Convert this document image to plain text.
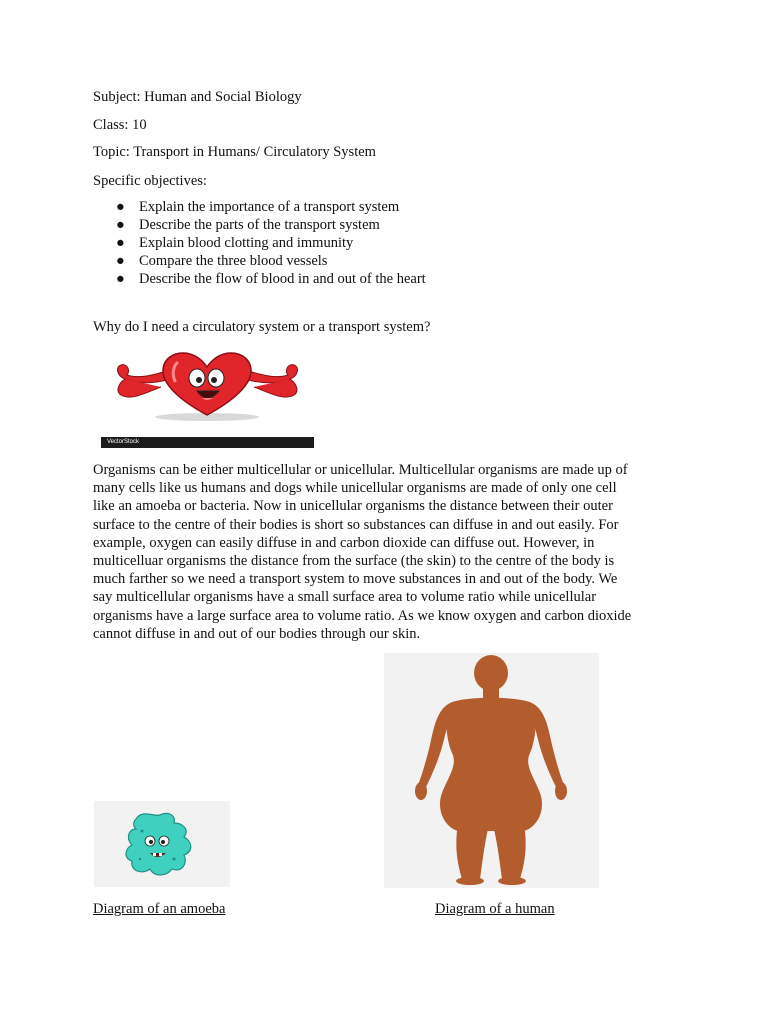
Subject: Human and Social Biology
Class: 10
Topic: Transport in Humans/ Circulatory System
Specific objectives:
● Explain the importance of a transport system
● Describe the parts of the transport system
● Explain blood clotting and immunity
● Compare the three blood vessels
● Describe the flow of blood in and out of the heart
Why do I need a circulatory system or a transport system?
VectorStock
Organisms can be either multicellular or unicellular. Multicellular organisms are made up of
many cells like us humans and dogs while unicellular organisms are made of only one cell
like an amoeba or bacteria. Now in unicellular organisms the distance between their outer
surface to the centre of their bodies is short so substances can diffuse in and out easily. For
example, oxygen can easily diffuse in and carbon dioxide can diffuse out. However, in
multicelluar organisms the distance from the surface (the skin) to the centre of the body is
much farther so we need a transport system to move substances in and out of the body. We
say multicellular organisms have a small surface area to volume ratio while unicellular
organisms have a large surface area to volume ratio. As we know oxygen and carbon dioxide
cannot diffuse in and out of our bodies through our skin.
Diagram of an amoeba	Diagram of a human
